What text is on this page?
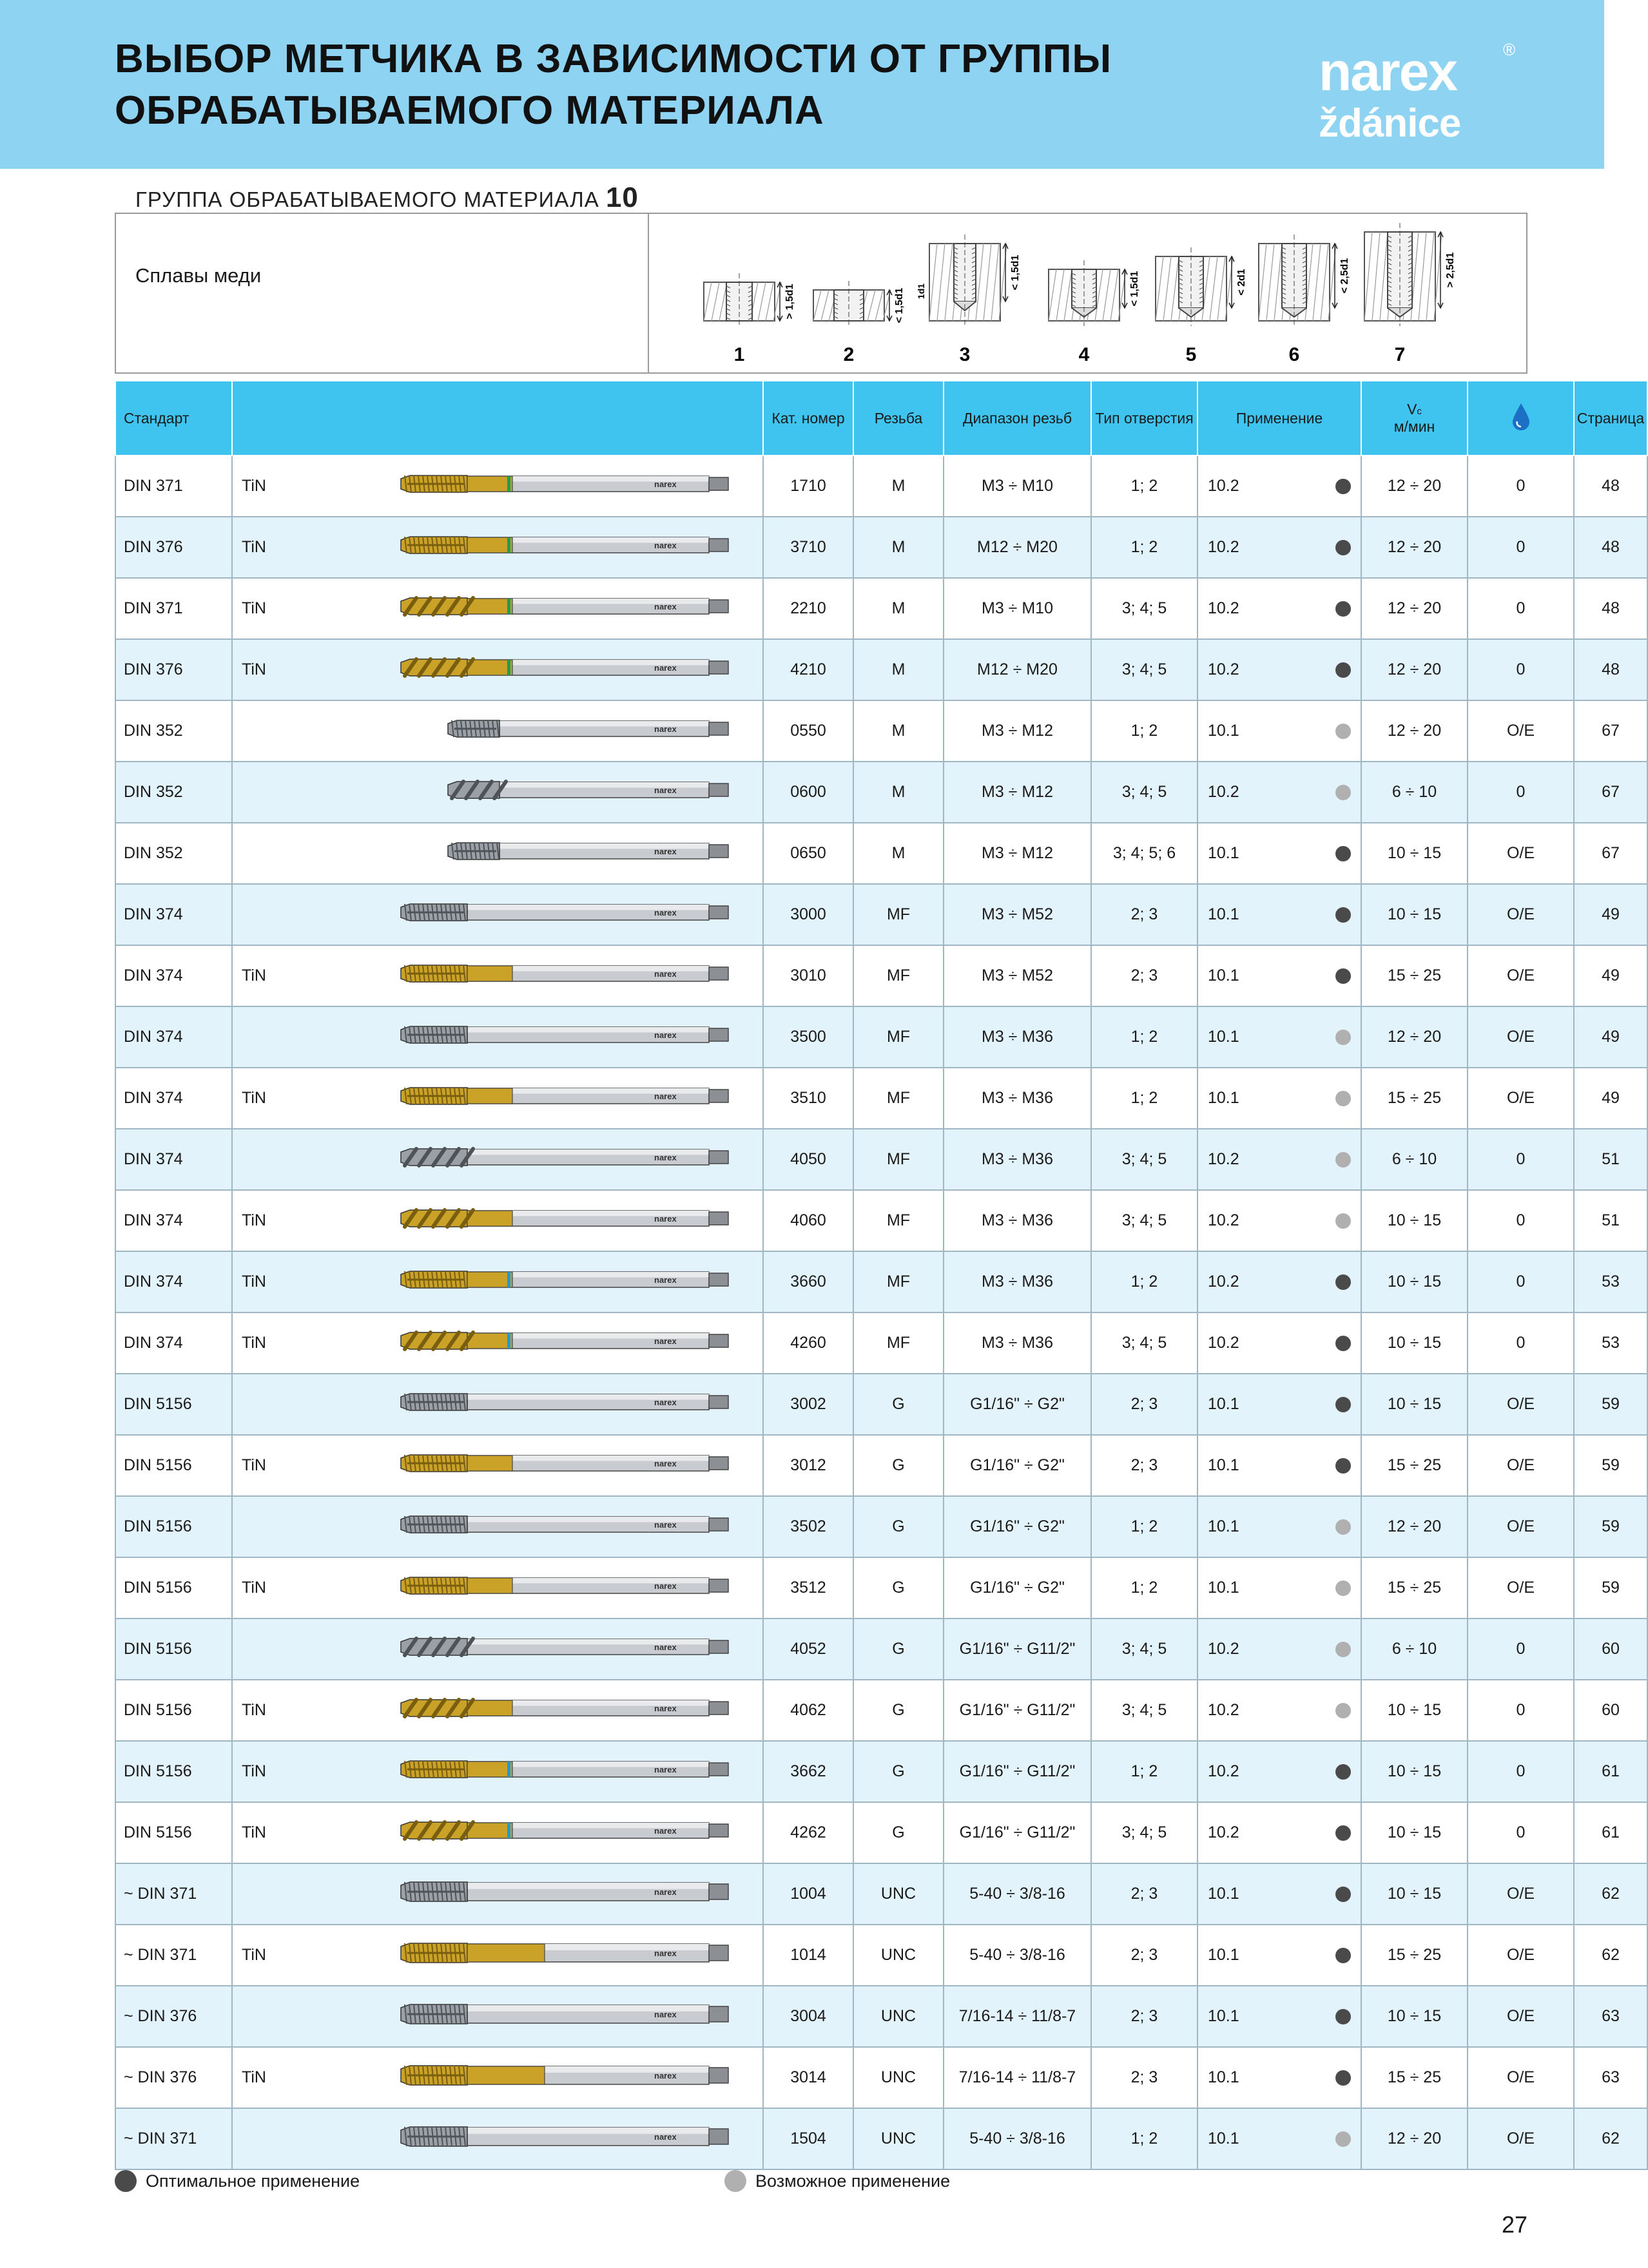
ВЫБОР МЕТЧИКА В ЗАВИСИМОСТИ ОТ ГРУППЫ
ОБРАБАТЫВАЕМОГО МАТЕРИАЛА
narex
ždánice
®
ГРУППА ОБРАБАТЫВАЕМОГО МАТЕРИАЛА 10
Сплавы меди
> 1,5d1
1
< 1,5d1
2
< 1,5d1
1d1
3
< 1,5d1
4
< 2d1
5
< 2,5d1
6
> 2,5d1
7
Стандарт			Кат. номер	Резьба	Диапазон резьб	Тип отверстия	Применение	Vc
м/мин		Страница
DIN 371	TiN	narex	1710	M	M3 ÷ M10	1; 2	10.2	12 ÷ 20	0	48
DIN 376	TiN	narex	3710	M	M12 ÷ M20	1; 2	10.2	12 ÷ 20	0	48
DIN 371	TiN	narex	2210	M	M3 ÷ M10	3; 4; 5	10.2	12 ÷ 20	0	48
DIN 376	TiN	narex	4210	M	M12 ÷ M20	3; 4; 5	10.2	12 ÷ 20	0	48
DIN 352		narex	0550	M	M3 ÷ M12	1; 2	10.1	12 ÷ 20	O/E	67
DIN 352		narex	0600	M	M3 ÷ M12	3; 4; 5	10.2	6 ÷ 10	0	67
DIN 352		narex	0650	M	M3 ÷ M12	3; 4; 5; 6	10.1	10 ÷ 15	O/E	67
DIN 374		narex	3000	MF	M3 ÷ M52	2; 3	10.1	10 ÷ 15	O/E	49
DIN 374	TiN	narex	3010	MF	M3 ÷ M52	2; 3	10.1	15 ÷ 25	O/E	49
DIN 374		narex	3500	MF	M3 ÷ M36	1; 2	10.1	12 ÷ 20	O/E	49
DIN 374	TiN	narex	3510	MF	M3 ÷ M36	1; 2	10.1	15 ÷ 25	O/E	49
DIN 374		narex	4050	MF	M3 ÷ M36	3; 4; 5	10.2	6 ÷ 10	0	51
DIN 374	TiN	narex	4060	MF	M3 ÷ M36	3; 4; 5	10.2	10 ÷ 15	0	51
DIN 374	TiN	narex	3660	MF	M3 ÷ M36	1; 2	10.2	10 ÷ 15	0	53
DIN 374	TiN	narex	4260	MF	M3 ÷ M36	3; 4; 5	10.2	10 ÷ 15	0	53
DIN 5156		narex	3002	G	G1/16" ÷ G2"	2; 3	10.1	10 ÷ 15	O/E	59
DIN 5156	TiN	narex	3012	G	G1/16" ÷ G2"	2; 3	10.1	15 ÷ 25	O/E	59
DIN 5156		narex	3502	G	G1/16" ÷ G2"	1; 2	10.1	12 ÷ 20	O/E	59
DIN 5156	TiN	narex	3512	G	G1/16" ÷ G2"	1; 2	10.1	15 ÷ 25	O/E	59
DIN 5156		narex	4052	G	G1/16" ÷ G11/2"	3; 4; 5	10.2	6 ÷ 10	0	60
DIN 5156	TiN	narex	4062	G	G1/16" ÷ G11/2"	3; 4; 5	10.2	10 ÷ 15	0	60
DIN 5156	TiN	narex	3662	G	G1/16" ÷ G11/2"	1; 2	10.2	10 ÷ 15	0	61
DIN 5156	TiN	narex	4262	G	G1/16" ÷ G11/2"	3; 4; 5	10.2	10 ÷ 15	0	61
~ DIN 371		narex	1004	UNC	5-40 ÷ 3/8-16	2; 3	10.1	10 ÷ 15	O/E	62
~ DIN 371	TiN	narex	1014	UNC	5-40 ÷ 3/8-16	2; 3	10.1	15 ÷ 25	O/E	62
~ DIN 376		narex	3004	UNC	7/16-14 ÷ 11/8-7	2; 3	10.1	10 ÷ 15	O/E	63
~ DIN 376	TiN	narex	3014	UNC	7/16-14 ÷ 11/8-7	2; 3	10.1	15 ÷ 25	O/E	63
~ DIN 371		narex	1504	UNC	5-40 ÷ 3/8-16	1; 2	10.1	12 ÷ 20	O/E	62
Оптимальное применение	Возможное применение
27
